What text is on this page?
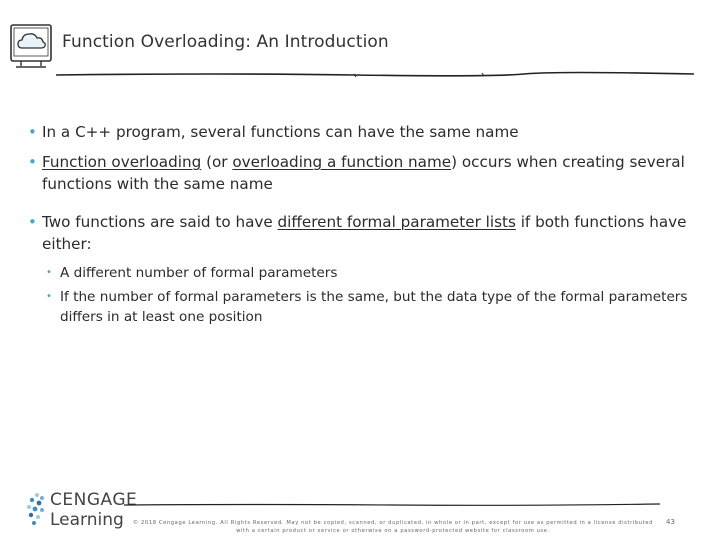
Function Overloading: An Introduction
• In a C++ program, several functions can have the same name
• Function overloading (or overloading a function name) occurs when creating several functions with the same name
• Two functions are said to have different formal parameter lists if both functions have either:
• A different number of formal parameters
• If the number of formal parameters is the same, but the data type of the formal parameters differs in at least one position
CENGAGE
Learning	© 2018 Cengage Learning. All Rights Reserved. May not be copied, scanned, or duplicated, in whole or in part, except for use as permitted in a license distributed with a certain product or service or otherwise on a password-protected website for classroom use.
43
